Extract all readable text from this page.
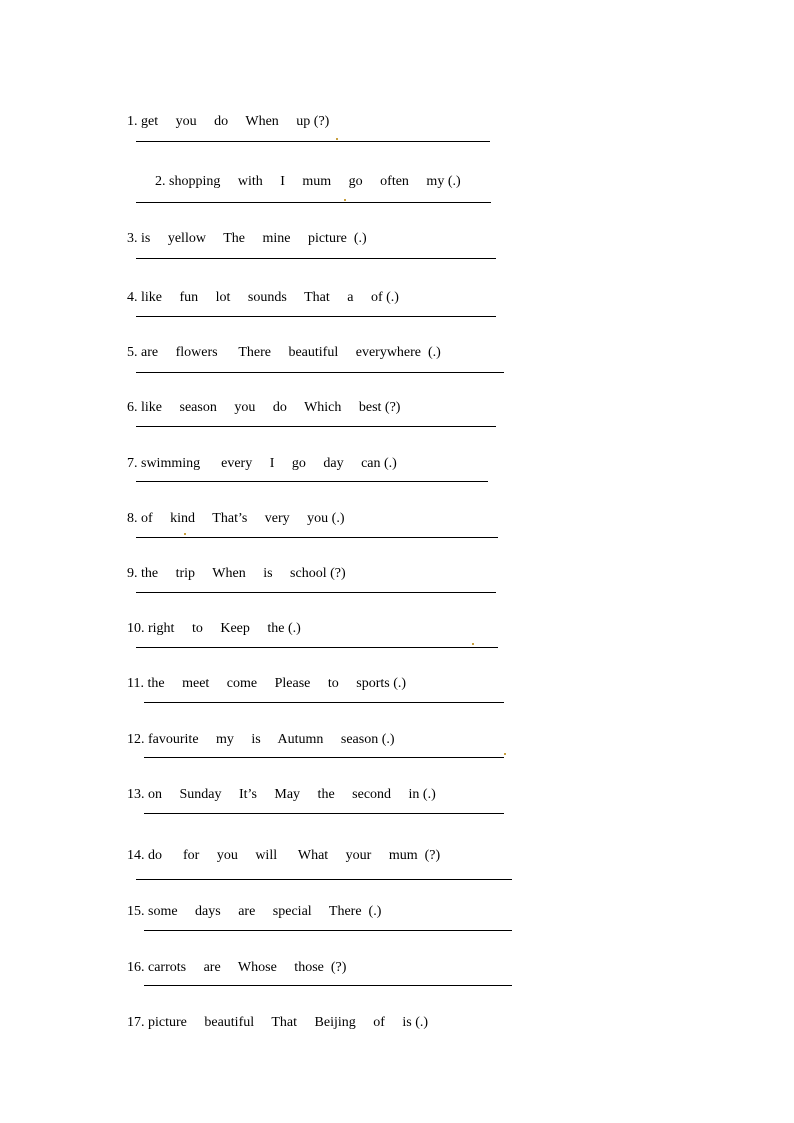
1. get     you     do     When     up (?)

2. shopping     with     I     mum     go     often     my (.)

3. is     yellow     The     mine     picture  (.)

4. like     fun     lot     sounds     That     a     of (.)

5. are     flowers      There     beautiful     everywhere  (.)

6. like     season     you     do     Which     best (?)

7. swimming      every     I     go     day     can (.)

8. of     kind     That’s     very     you (.)

9. the     trip     When     is     school (?)

10. right     to     Keep     the (.)

11. the     meet     come     Please     to     sports (.)

12. favourite     my     is     Autumn     season (.)

13. on     Sunday     It’s     May     the     second     in (.)

14. do      for     you     will      What     your     mum  (?)

15. some     days     are     special     There  (.)

16. carrots     are     Whose     those  (?)

17. picture     beautiful     That     Beijing     of     is (.)
